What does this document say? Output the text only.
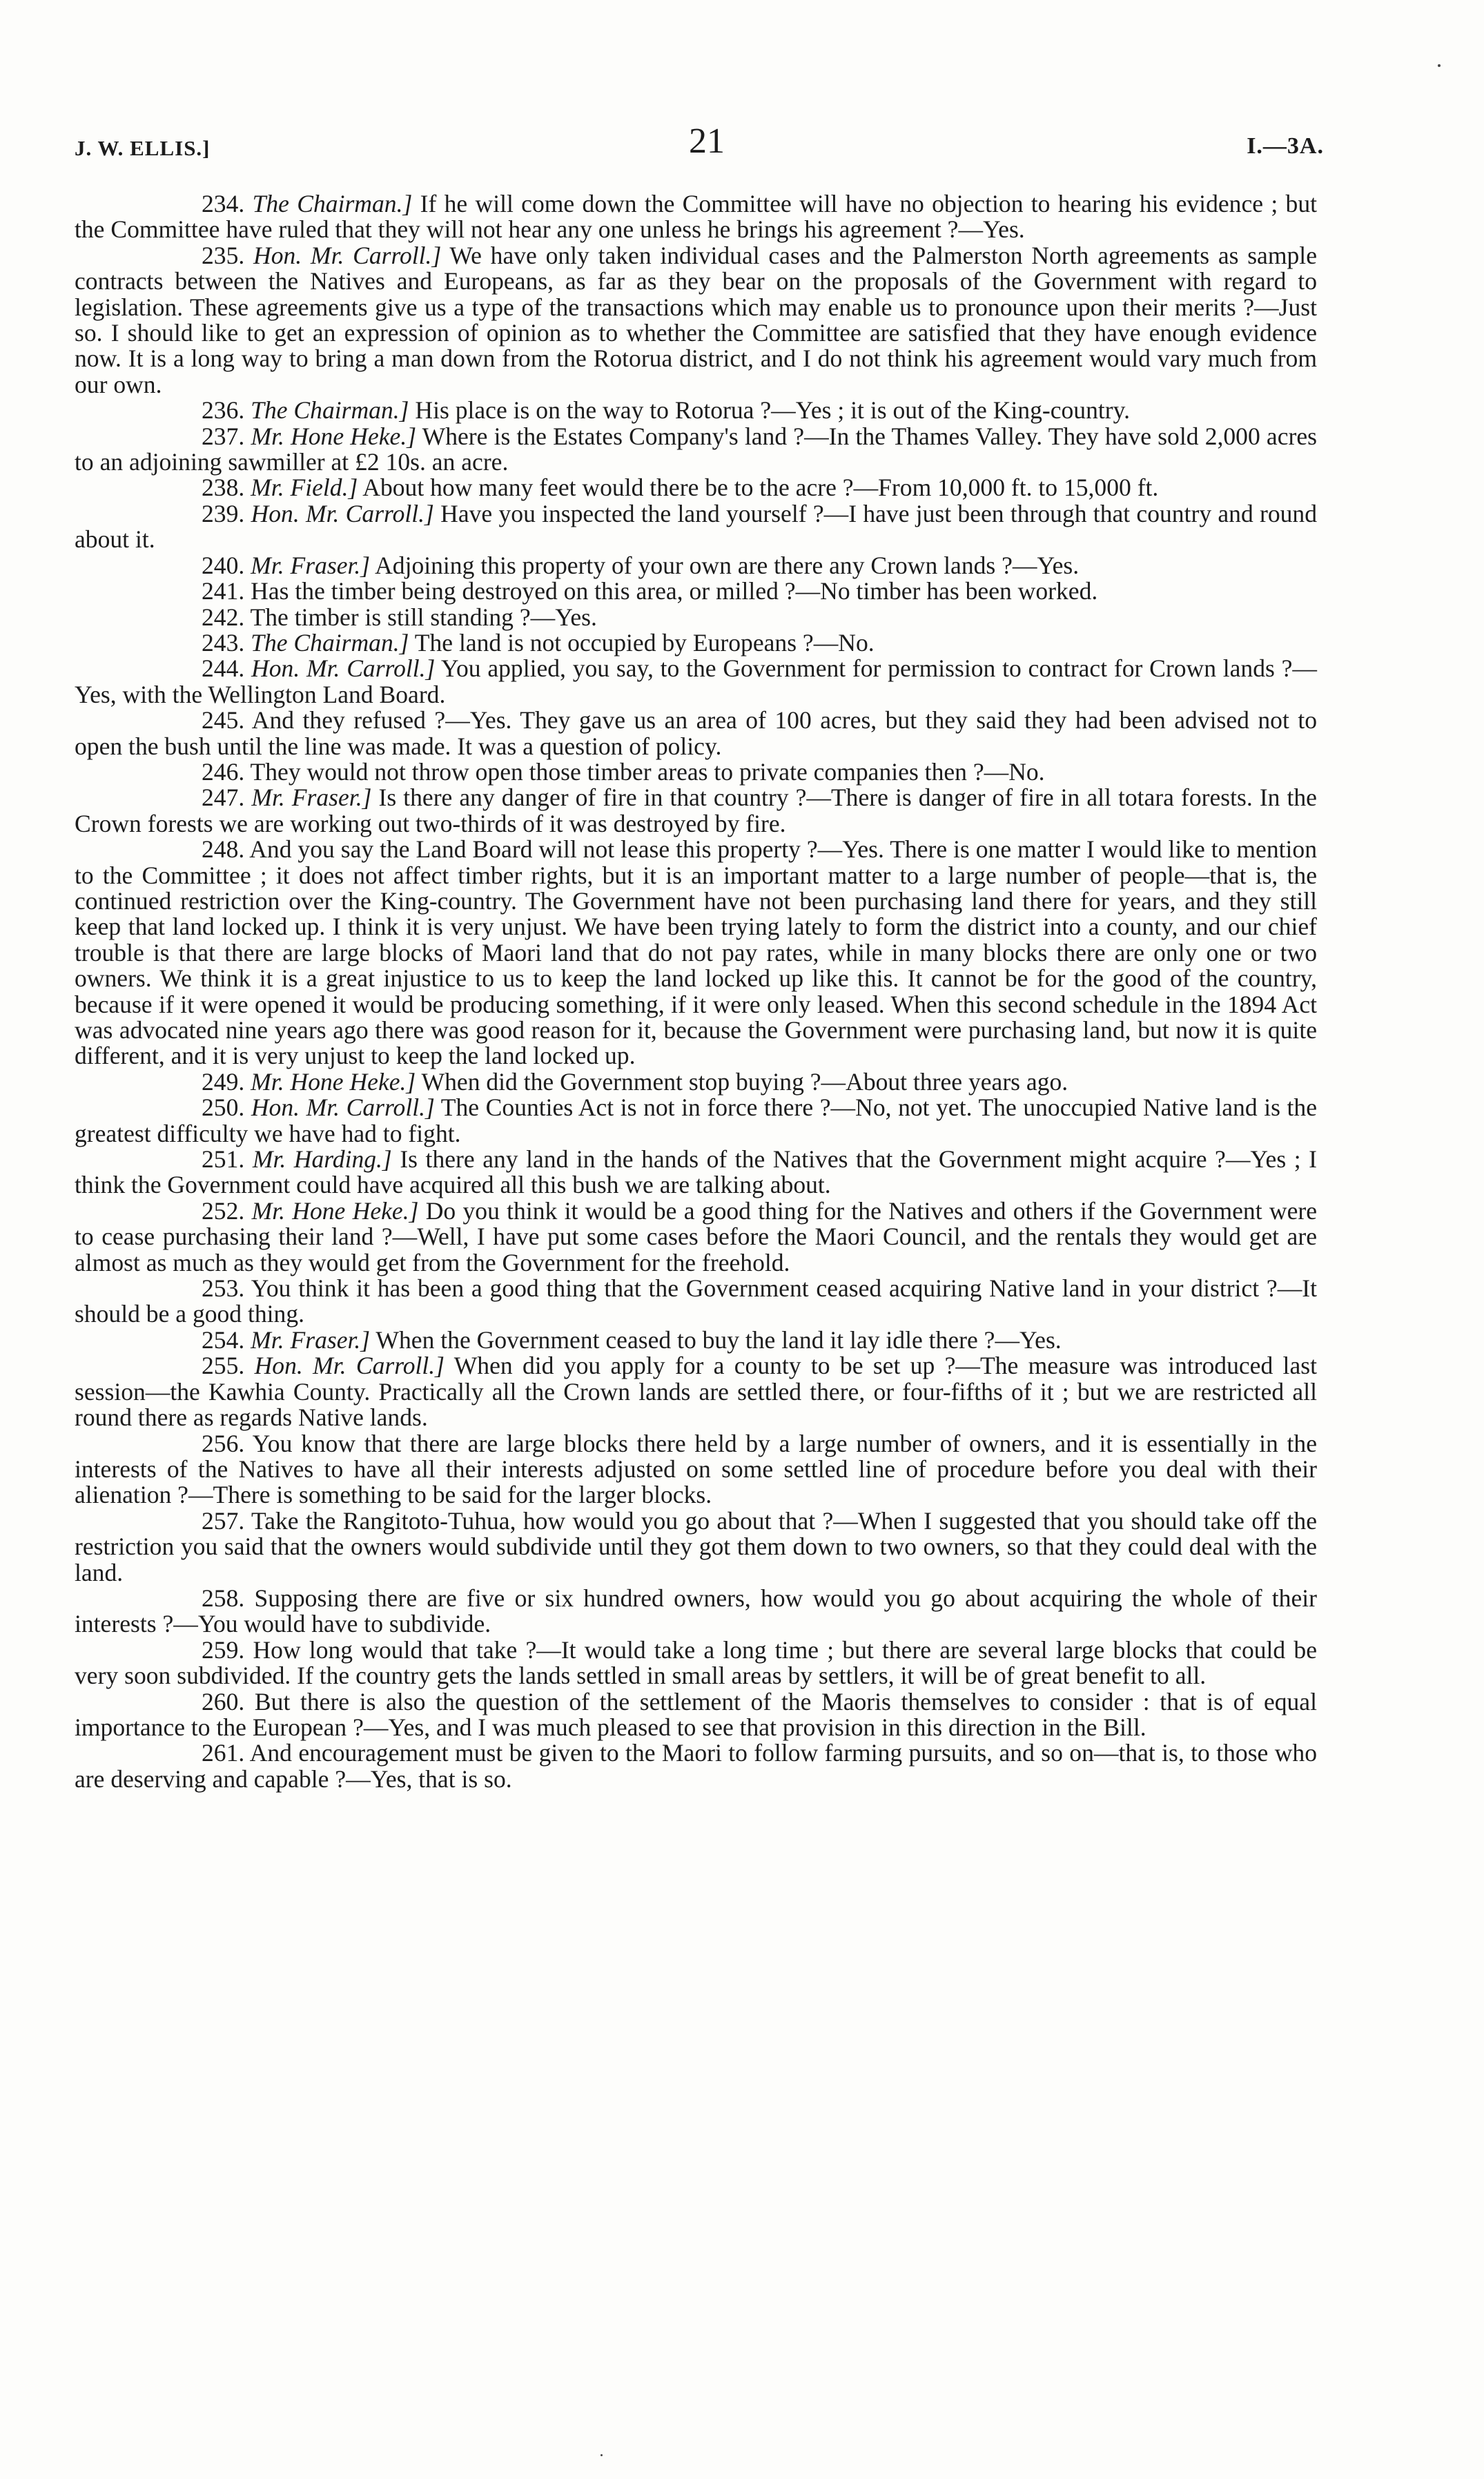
J. W. ELLIS.]	21	I.—3A.

234. The Chairman.] If he will come down the Committee will have no objection to hearing his evidence ; but the Committee have ruled that they will not hear any one unless he brings his agreement ?—Yes.

235. Hon. Mr. Carroll.] We have only taken individual cases and the Palmerston North agreements as sample contracts between the Natives and Europeans, as far as they bear on the proposals of the Government with regard to legislation. These agreements give us a type of the transactions which may enable us to pronounce upon their merits ?—Just so. I should like to get an expression of opinion as to whether the Committee are satisfied that they have enough evidence now. It is a long way to bring a man down from the Rotorua district, and I do not think his agreement would vary much from our own.

236. The Chairman.] His place is on the way to Rotorua ?—Yes ; it is out of the King-country.

237. Mr. Hone Heke.] Where is the Estates Company's land ?—In the Thames Valley. They have sold 2,000 acres to an adjoining sawmiller at £2 10s. an acre.

238. Mr. Field.] About how many feet would there be to the acre ?—From 10,000 ft. to 15,000 ft.

239. Hon. Mr. Carroll.] Have you inspected the land yourself ?—I have just been through that country and round about it.

240. Mr. Fraser.] Adjoining this property of your own are there any Crown lands ?—Yes.

241. Has the timber being destroyed on this area, or milled ?—No timber has been worked.

242. The timber is still standing ?—Yes.

243. The Chairman.] The land is not occupied by Europeans ?—No.

244. Hon. Mr. Carroll.] You applied, you say, to the Government for permission to contract for Crown lands ?—Yes, with the Wellington Land Board.

245. And they refused ?—Yes. They gave us an area of 100 acres, but they said they had been advised not to open the bush until the line was made. It was a question of policy.

246. They would not throw open those timber areas to private companies then ?—No.

247. Mr. Fraser.] Is there any danger of fire in that country ?—There is danger of fire in all totara forests. In the Crown forests we are working out two-thirds of it was destroyed by fire.

248. And you say the Land Board will not lease this property ?—Yes. There is one matter I would like to mention to the Committee ; it does not affect timber rights, but it is an important matter to a large number of people—that is, the continued restriction over the King-country. The Government have not been purchasing land there for years, and they still keep that land locked up. I think it is very unjust. We have been trying lately to form the district into a county, and our chief trouble is that there are large blocks of Maori land that do not pay rates, while in many blocks there are only one or two owners. We think it is a great injustice to us to keep the land locked up like this. It cannot be for the good of the country, because if it were opened it would be producing something, if it were only leased. When this second schedule in the 1894 Act was advocated nine years ago there was good reason for it, because the Government were purchasing land, but now it is quite different, and it is very unjust to keep the land locked up.

249. Mr. Hone Heke.] When did the Government stop buying ?—About three years ago.

250. Hon. Mr. Carroll.] The Counties Act is not in force there ?—No, not yet. The unoccupied Native land is the greatest difficulty we have had to fight.

251. Mr. Harding.] Is there any land in the hands of the Natives that the Government might acquire ?—Yes ; I think the Government could have acquired all this bush we are talking about.

252. Mr. Hone Heke.] Do you think it would be a good thing for the Natives and others if the Government were to cease purchasing their land ?—Well, I have put some cases before the Maori Council, and the rentals they would get are almost as much as they would get from the Government for the freehold.

253. You think it has been a good thing that the Government ceased acquiring Native land in your district ?—It should be a good thing.

254. Mr. Fraser.] When the Government ceased to buy the land it lay idle there ?—Yes.

255. Hon. Mr. Carroll.] When did you apply for a county to be set up ?—The measure was introduced last session—the Kawhia County. Practically all the Crown lands are settled there, or four-fifths of it ; but we are restricted all round there as regards Native lands.

256. You know that there are large blocks there held by a large number of owners, and it is essentially in the interests of the Natives to have all their interests adjusted on some settled line of procedure before you deal with their alienation ?—There is something to be said for the larger blocks.

257. Take the Rangitoto-Tuhua, how would you go about that ?—When I suggested that you should take off the restriction you said that the owners would subdivide until they got them down to two owners, so that they could deal with the land.

258. Supposing there are five or six hundred owners, how would you go about acquiring the whole of their interests ?—You would have to subdivide.

259. How long would that take ?—It would take a long time ; but there are several large blocks that could be very soon subdivided. If the country gets the lands settled in small areas by settlers, it will be of great benefit to all.

260. But there is also the question of the settlement of the Maoris themselves to consider : that is of equal importance to the European ?—Yes, and I was much pleased to see that provision in this direction in the Bill.

261. And encouragement must be given to the Maori to follow farming pursuits, and so on—that is, to those who are deserving and capable ?—Yes, that is so.
